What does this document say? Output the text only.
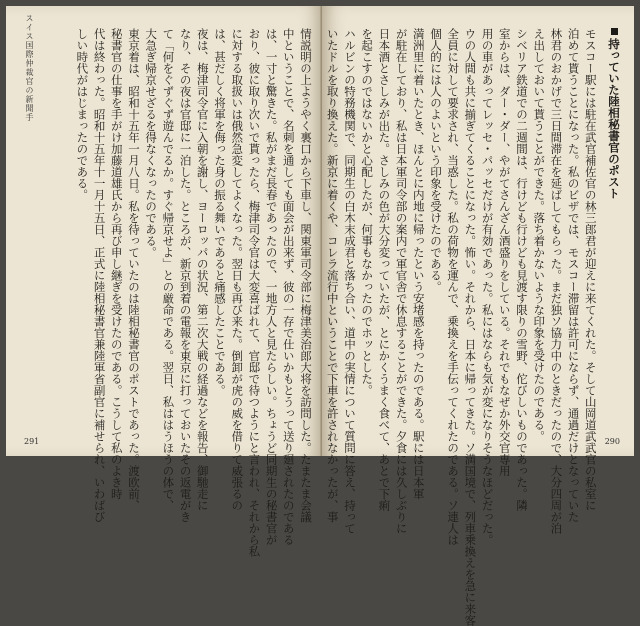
スイス国際仲裁官の新聞手	情説明の上ようやく裏口から下車し、関東軍司令部に梅津美治郎大将を訪問した。たまたま会議

中ということで、名刺を通しても面会が出来ず、彼の一存で仕いかもとうって送り廻されたのである

は、一寸と驚きた。私がまだ長春であったので、一地方人と見たらしい。ちょうど同期生の秘書官が

おり、彼に取り次いで貰ったら、梅津司令官は大変喜ばれて、官邸で待つようにと言われ、それから私

に対する取扱いは俄然急変してよくなった。翌日も再び来た。倒卸が虎の威を借りて威張るの

は、甚だしく将軍を侮った身の振る舞いであると痛感したことである。

夜は、梅津司令官に入朝を謝し、ヨーロッパの状況、第二次大戦の経過などを報告、御馳走に

なり、その夜は官邸に一泊した。ところが、新京到着の電報を東京に打っておいたその返電がき

て「何をぐずぐず遊んでるか。すぐ帰京せよ」との厳命である。翌日、私ははうほうの体で、

大急ぎ帰京せざるを得なくなったのである。

東京着は、昭和十五年一月八日。私を待っていたのは陸相秘書官のポストであった。渡欧前、

秘書官の仕事を手がけ加藤道雄氏から再び申し継ぎを受けたのである。こうして私のよき時

代は終わった。昭和十五年十一月十五日、正式に陸相秘書官兼陸軍省副官に補せられ、いわばび

しい時代がはじまったのである。

291
持っていた陸相秘書官のポスト

モスコー駅には駐在武官補佐官の林三郎君が迎えに来てくれた。そして山岡道武武官の私室に

泊めて貰うことになった。私のビザでは、モスコー滞留は許可にならず、通過だけとなっていた

林君のおかげで三日間滞在を延ばしてもらった。まだ独ソ協力中のときだったので、大分四周が泊

え出しておいて貰うことができた。落ち着かないような印象を受けたのである。

シベリア鉄道での二週間は、行けども行けども見渡す限りの雪野、佗びしいものであった。隣

室からは、ダー・ダー、やがてさんざん酒盛りをしている。それでもなぜか外交官専用

用の車があってレッセ・パッセだけが有効であった。私にはならも気が変になりそうなほどだった。

ウの人間も共に揃ぎてくることになった。怖い。それから、日本に帰ってきた。ソ満国境で、列車乗換えを急に来客

全員に対して要求され、当惑した。私の荷物を運んで、乗換えを手伝ってくれたのである。ソ連人は

個人的には人のよいという印象を受けたのである。

満洲里に着いたとき、ほんとに内地に帰ったという安堵感を持ったのである。駅には日本軍

が駐在しており、私は日本軍司令部の案内で軍官舎で休息することができた。夕食には久しぶりに

日本酒とさしみが出た。さしみの色が大分変っていたが、とにかくうまく食べて、あとで下痢

を起こすのではないかと心配したが、何事もなかったのでホッとした。

ハルビンの特務機関で、同期生の白木末成君と落ち合い、道中の実情について質問に答え、持って

いたドルを取り換えた。新京に着くや、コレラ流行中ということで下車を許されなかったが、事	290
